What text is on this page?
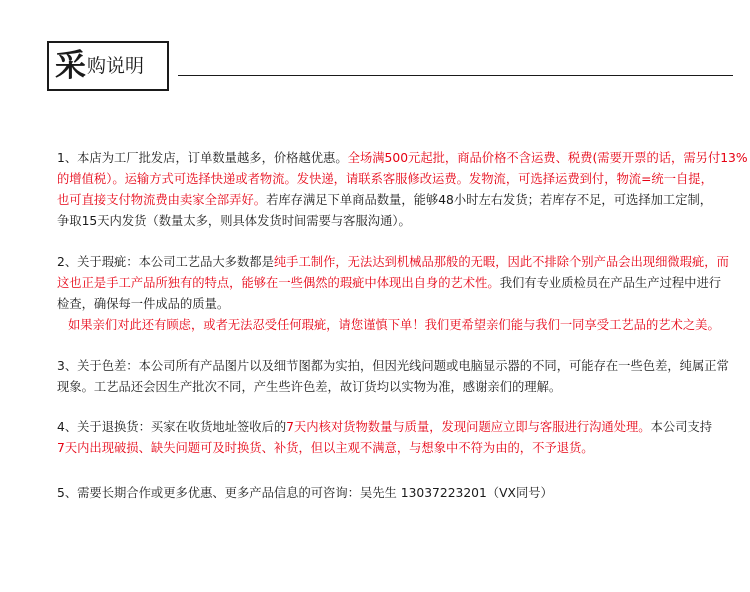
采 购说明
1、本店为工厂批发店，订单数量越多，价格越优惠。全场满500元起批，商品价格不含运费、税费(需要开票的话，需另付13%
的增值税）。运输方式可选择快递或者物流。发快递，请联系客服修改运费。发物流，可选择运费到付，物流=统一自提，
也可直接支付物流费由卖家全部弄好。若库存满足下单商品数量，能够48小时左右发货；若库存不足，可选择加工定制，
争取15天内发货（数量太多，则具体发货时间需要与客服沟通）。
2、关于瑕疵：本公司工艺品大多数都是纯手工制作，无法达到机械品那般的无暇，因此不排除个别产品会出现细微瑕疵，而
这也正是手工产品所独有的特点，能够在一些偶然的瑕疵中体现出自身的艺术性。我们有专业质检员在产品生产过程中进行
检查，确保每一件成品的质量。
如果亲们对此还有顾虑，或者无法忍受任何瑕疵，请您谨慎下单！我们更希望亲们能与我们一同享受工艺品的艺术之美。
3、关于色差：本公司所有产品图片以及细节图都为实拍，但因光线问题或电脑显示器的不同，可能存在一些色差，纯属正常
现象。工艺品还会因生产批次不同，产生些许色差，故订货均以实物为准，感谢亲们的理解。
4、关于退换货：买家在收货地址签收后的7天内核对货物数量与质量，发现问题应立即与客服进行沟通处理。本公司支持
7天内出现破损、缺失问题可及时换货、补货，但以主观不满意，与想象中不符为由的，不予退货。
5、需要长期合作或更多优惠、更多产品信息的可咨询：吴先生 13037223201（VX同号）
